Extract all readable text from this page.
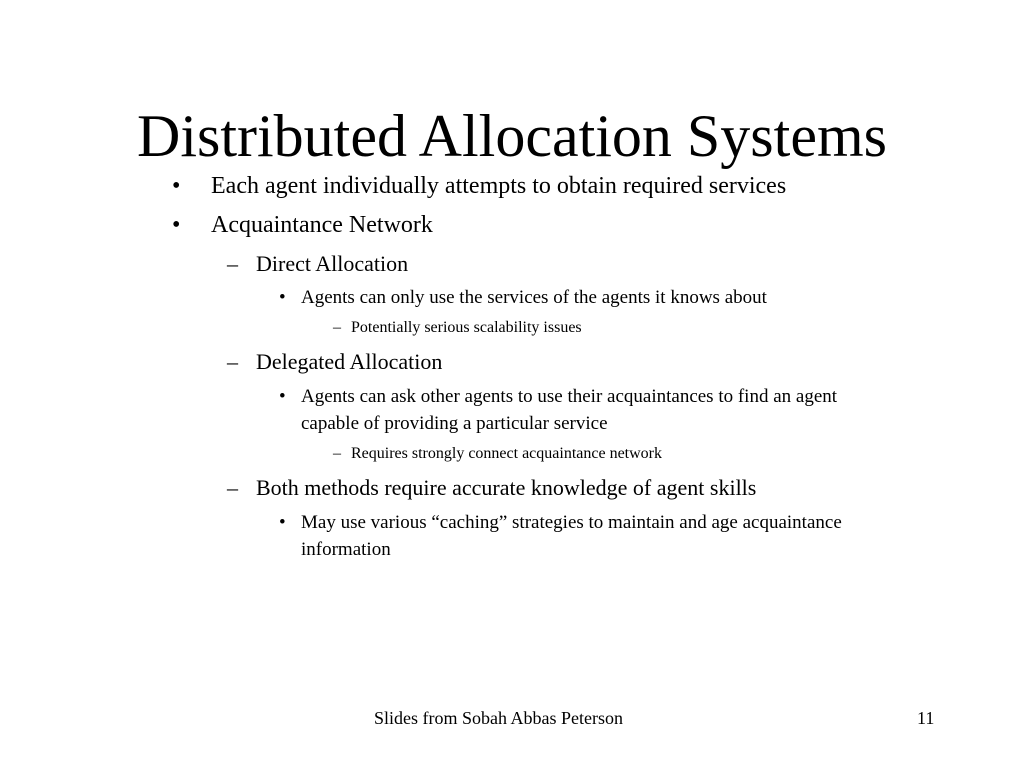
Distributed Allocation Systems
• Each agent individually attempts to obtain required services
• Acquaintance Network
– Direct Allocation
• Agents can only use the services of the agents it knows about
– Potentially serious scalability issues
– Delegated Allocation
• Agents can ask other agents to use their acquaintances to find an agent
capable of providing a particular service
– Requires strongly connect acquaintance network
– Both methods require accurate knowledge of agent skills
• May use various “caching” strategies to maintain and age acquaintance
information
Slides from Sobah Abbas Peterson	11
